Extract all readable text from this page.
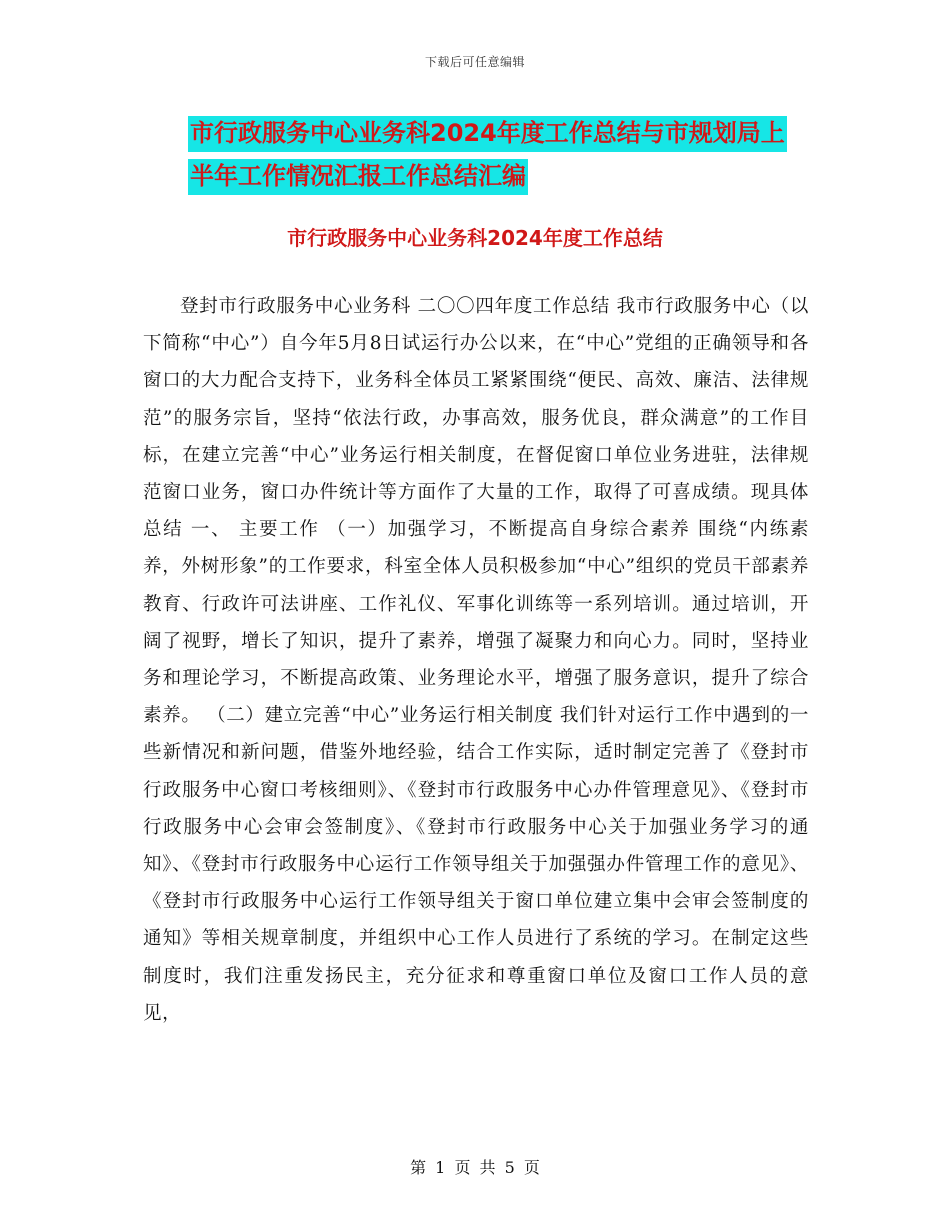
下载后可任意编辑
市行政服务中心业务科2024年度工作总结与市规划局上半年工作情况汇报工作总结汇编
市行政服务中心业务科2024年度工作总结
登封市行政服务中心业务科 二〇〇四年度工作总结 我市行政服务中心（以下简称“中心”）自今年5月8日试运行办公以来，在“中心”党组的正确领导和各窗口的大力配合支持下，业务科全体员工紧紧围绕“便民、高效、廉洁、法律规范”的服务宗旨，坚持“依法行政，办事高效，服务优良，群众满意”的工作目标，在建立完善“中心”业务运行相关制度，在督促窗口单位业务进驻，法律规范窗口业务，窗口办件统计等方面作了大量的工作，取得了可喜成绩。现具体总结 一、 主要工作 （一）加强学习，不断提高自身综合素养 围绕“内练素养，外树形象”的工作要求，科室全体人员积极参加“中心”组织的党员干部素养教育、行政许可法讲座、工作礼仪、军事化训练等一系列培训。通过培训，开阔了视野，增长了知识，提升了素养，增强了凝聚力和向心力。同时，坚持业务和理论学习，不断提高政策、业务理论水平，增强了服务意识，提升了综合素养。 （二）建立完善“中心”业务运行相关制度 我们针对运行工作中遇到的一些新情况和新问题，借鉴外地经验，结合工作实际，适时制定完善了《登封市行政服务中心窗口考核细则》、《登封市行政服务中心办件管理意见》、《登封市行政服务中心会审会签制度》、《登封市行政服务中心关于加强业务学习的通知》、《登封市行政服务中心运行工作领导组关于加强强办件管理工作的意见》、《登封市行政服务中心运行工作领导组关于窗口单位建立集中会审会签制度的通知》等相关规章制度，并组织中心工作人员进行了系统的学习。在制定这些制度时，我们注重发扬民主，充分征求和尊重窗口单位及窗口工作人员的意见，
第 1 页 共 5 页
